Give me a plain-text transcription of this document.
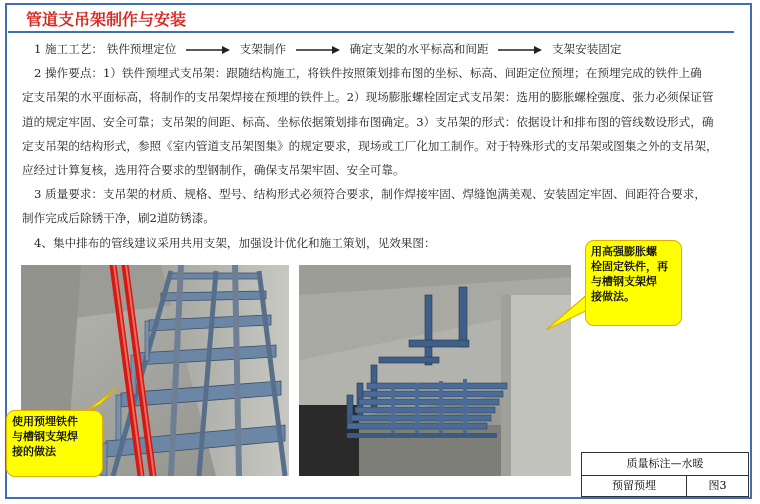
管道支吊架制作与安装
1 施工工艺： 铁件预埋定位	支架制作	确定支架的水平标高和间距	支架安装固定
2 操作要点：1）铁件预埋式支吊架：跟随结构施工，将铁件按照策划排布图的坐标、标高、间距定位预埋；在预埋完成的铁件上确
定支吊架的水平面标高，将制作的支吊架焊接在预埋的铁件上。2）现场膨胀螺栓固定式支吊架：选用的膨胀螺栓强度、张力必须保证管
道的规定牢固、安全可靠；支吊架的间距、标高、坐标依据策划排布图确定。3）支吊架的形式：依据设计和排布图的管线数设形式，确
定支吊架的结构形式，参照《室内管道支吊架图集》的规定要求，现场或工厂化加工制作。对于特殊形式的支吊架或图集之外的支吊架，
应经过计算复核，选用符合要求的型钢制作，确保支吊架牢固、安全可靠。
3 质量要求：支吊架的材质、规格、型号、结构形式必须符合要求，制作焊接牢固、焊缝饱满美观、安装固定牢固、间距符合要求，
制作完成后除锈干净，刷2道防锈漆。
4、集中排布的管线建议采用共用支架，加强设计优化和施工策划，见效果图：
使用预埋铁件
与槽钢支架焊
接的做法
用高强膨胀螺
栓固定铁件，再
与槽钢支架焊
接做法。
质量标注—水暖
预留预埋	图3
